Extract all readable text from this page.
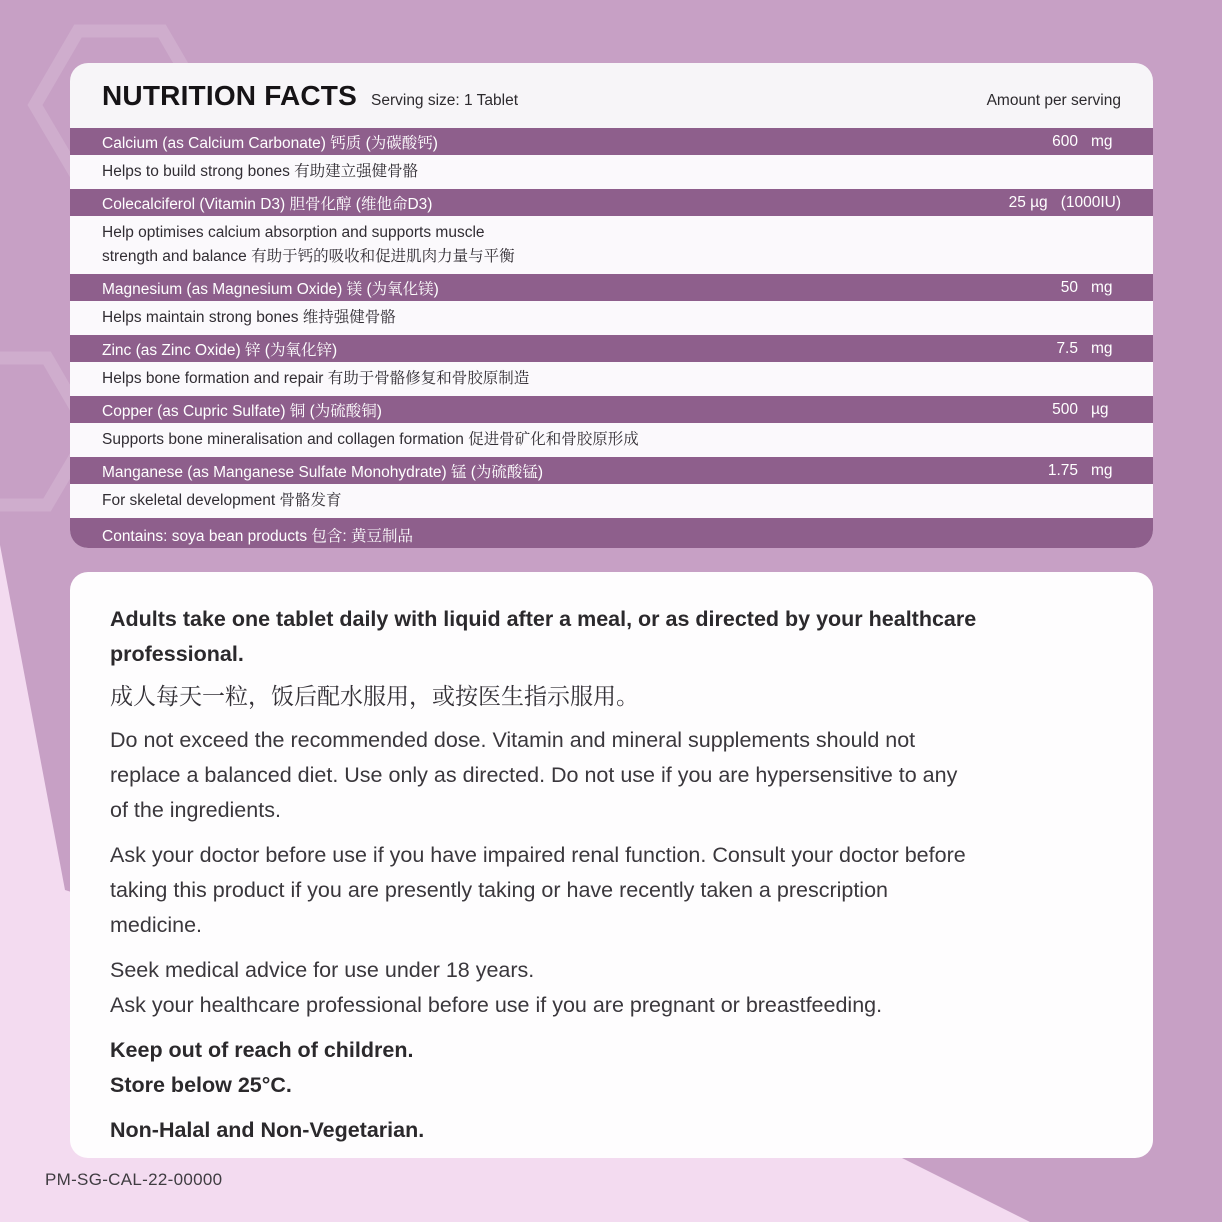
NUTRITION FACTS Serving size: 1 Tablet	Amount per serving
Calcium (as Calcium Carbonate) 钙质 (为碳酸钙)	600 mg
Helps to build strong bones 有助建立强健骨骼
Colecalciferol (Vitamin D3) 胆骨化醇 (维他命D3)	25 µg (1000IU)
Help optimises calcium absorption and supports muscle
strength and balance 有助于钙的吸收和促进肌肉力量与平衡
Magnesium (as Magnesium Oxide) 镁 (为氧化镁)	50 mg
Helps maintain strong bones 维持强健骨骼
Zinc (as Zinc Oxide) 锌 (为氧化锌)	7.5 mg
Helps bone formation and repair 有助于骨骼修复和骨胶原制造
Copper (as Cupric Sulfate) 铜 (为硫酸铜)	500 µg
Supports bone mineralisation and collagen formation 促进骨矿化和骨胶原形成
Manganese (as Manganese Sulfate Monohydrate) 锰 (为硫酸锰)	1.75 mg
For skeletal development 骨骼发育
Contains: soya bean products 包含: 黄豆制品
Adults take one tablet daily with liquid after a meal, or as directed by your healthcare
professional.
成人每天一粒，饭后配水服用，或按医生指示服用。
Do not exceed the recommended dose. Vitamin and mineral supplements should not
replace a balanced diet. Use only as directed. Do not use if you are hypersensitive to any
of the ingredients.
Ask your doctor before use if you have impaired renal function. Consult your doctor before
taking this product if you are presently taking or have recently taken a prescription
medicine.
Seek medical advice for use under 18 years.
Ask your healthcare professional before use if you are pregnant or breastfeeding.
Keep out of reach of children.
Store below 25°C.
Non-Halal and Non-Vegetarian.
PM-SG-CAL-22-00000
